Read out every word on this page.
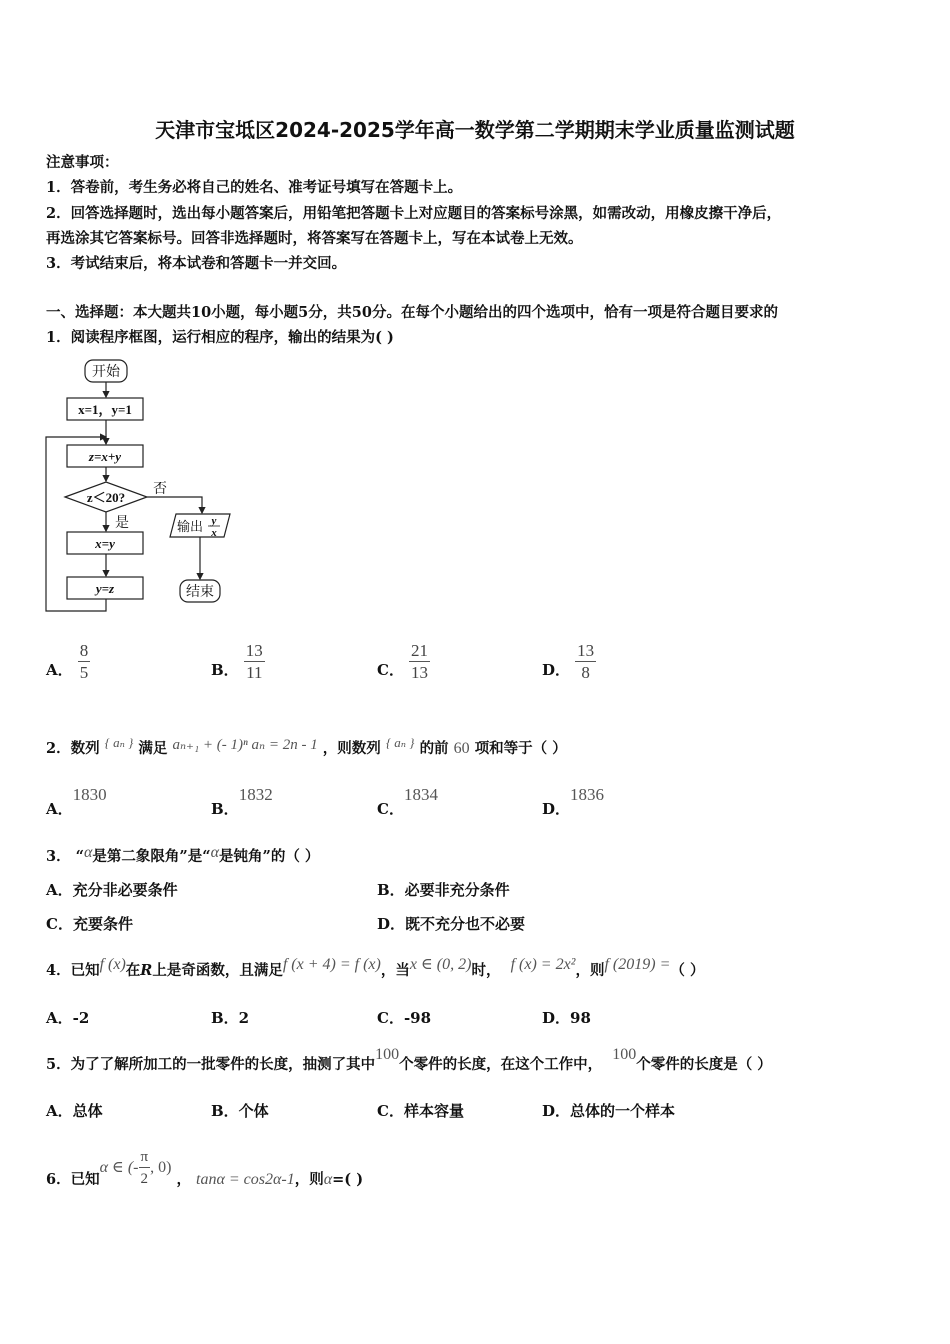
天津市宝坻区2024-2025学年高一数学第二学期期末学业质量监测试题
注意事项：
1．答卷前，考生务必将自己的姓名、准考证号填写在答题卡上。
2．回答选择题时，选出每小题答案后，用铅笔把答题卡上对应题目的答案标号涂黑，如需改动，用橡皮擦干净后，
再选涂其它答案标号。回答非选择题时，将答案写在答题卡上，写在本试卷上无效。
3．考试结束后，将本试卷和答题卡一并交回。
一、选择题：本大题共10小题，每小题5分，共50分。在每个小题给出的四个选项中，恰有一项是符合题目要求的
1．阅读程序框图，运行相应的程序，输出的结果为( )
开始
x=1，y=1
z=x+y
z＜20?
否
是	输出 y
x
x=y
y=z	结束
A． $\frac{8}{5}$	B． $\frac{13}{11}$	C． $\frac{21}{13}$	D． $\frac{13}{8}$
2．数列 { aₙ } 满足 aₙ₊₁ + (- 1)ⁿ aₙ = 2n - 1 ，则数列 { aₙ } 的前 60 项和等于（ ）
A．1830
B．1832
C．1834
D．1836
3． “α是第二象限角”是“α是钝角”的（ ）
A．充分非必要条件	B．必要非充分条件
C．充要条件	D．既不充分也不必要
4．已知f (x)在R上是奇函数，且满足f (x + 4) = f (x)，当x ∈ (0, 2)时， f (x) = 2x²，则f (2019) =（ ）
A．-2	B．2	C．-98	D．98
5．为了了解所加工的一批零件的长度，抽测了其中100个零件的长度，在这个工作中，  100个零件的长度是（ ）
A．总体	B．个体	C．样本容量	D．总体的一个样本
6．已知α ∈ (- $\frac{\pi}{2}$ , 0) ， tanα = cos2α-1，则α=( )
